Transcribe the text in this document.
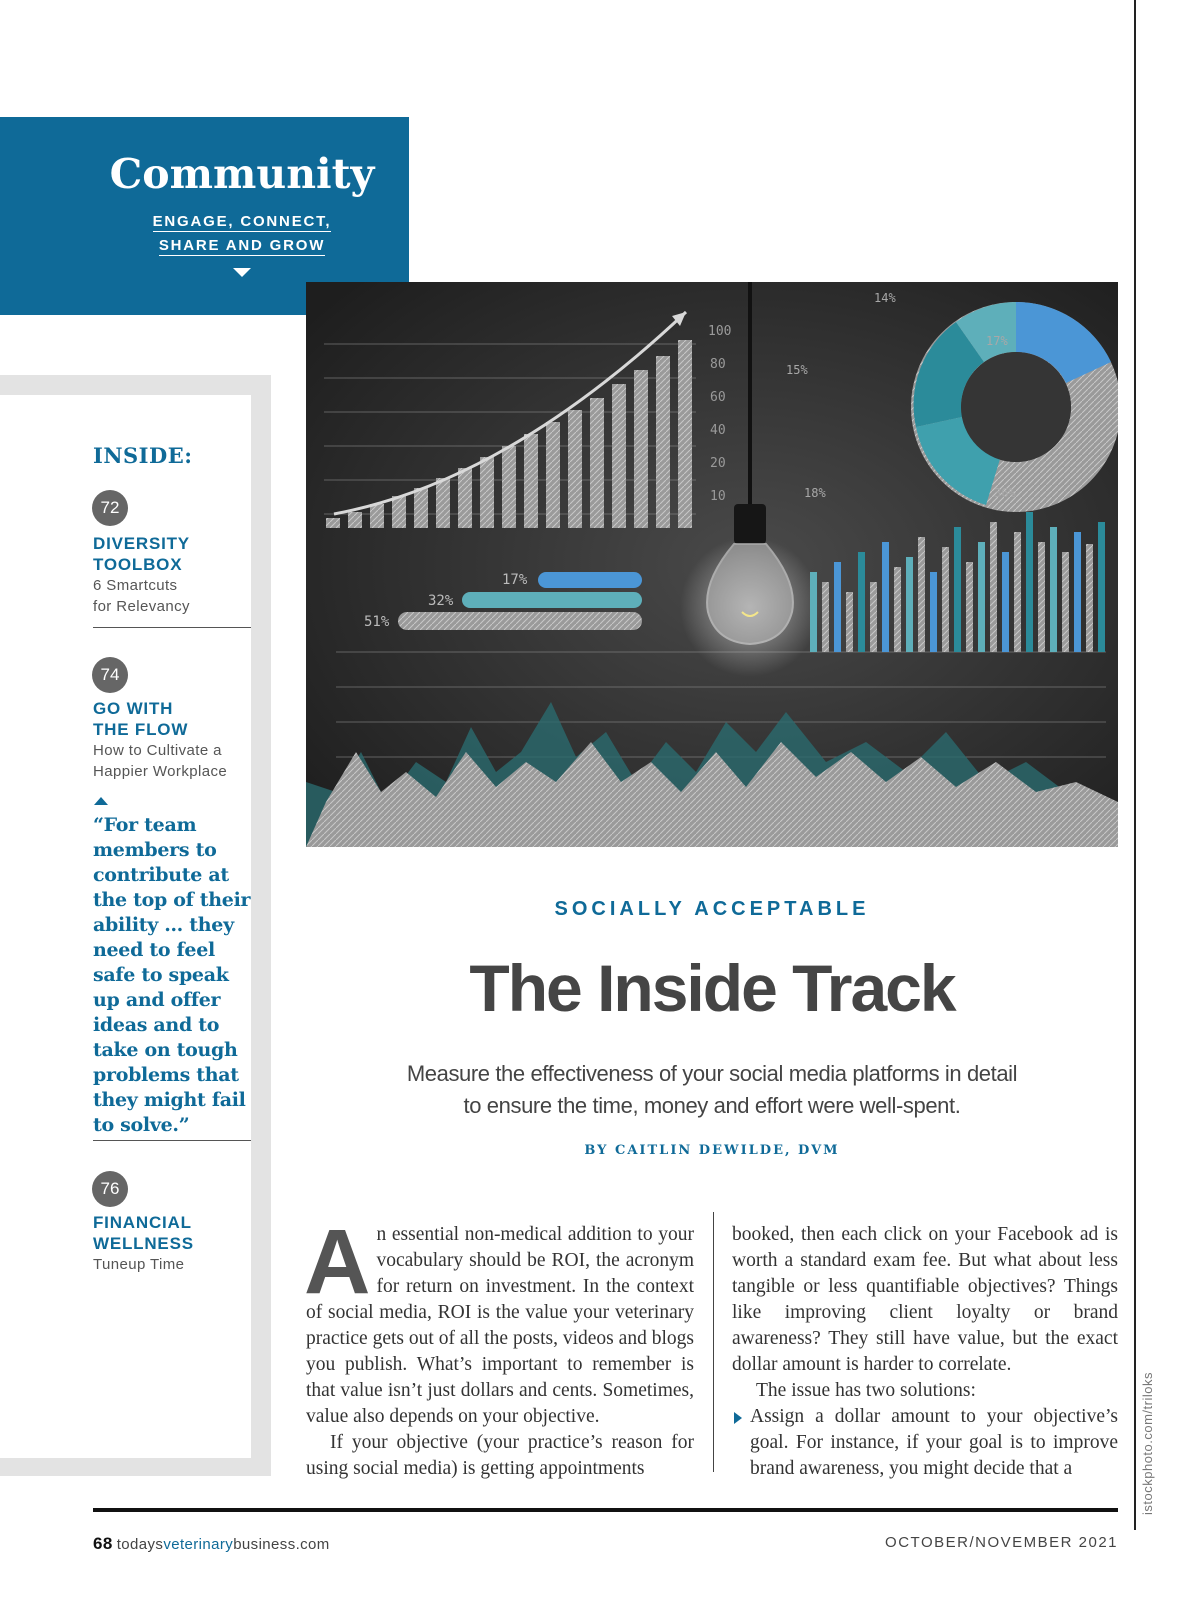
Community
ENGAGE, CONNECT,
SHARE AND GROW
INSIDE:
72
DIVERSITY
TOOLBOX
6 Smartcuts
for Relevancy
74
GO WITH
THE FLOW
How to Cultivate a
Happier Workplace
“For team members to contribute at the top of their ability … they need to feel safe to speak up and offer ideas and to take on tough problems that they might fail to solve.”
76
FINANCIAL
WELLNESS
Tuneup Time
100
80
60
40
20
10
14%
17%
15%
18%	36%
17%
32%
51%
SOCIALLY ACCEPTABLE
The Inside Track
Measure the effectiveness of your social media platforms in detail
to ensure the time, money and effort were well-spent.
BY CAITLIN DEWILDE, DVM

An essential non-medical addition to your vocabulary should be ROI, the acronym for return on investment. In the context of social media, ROI is the value your veterinary practice gets out of all the posts, videos and blogs you publish. What’s important to remember is that value isn’t just dollars and cents. Sometimes, value also depends on your objective.

If your objective (your practice’s reason for using social media) is getting appointments

booked, then each click on your Facebook ad is worth a standard exam fee. But what about less tangible or less quantifiable objectives? Things like improving client loyalty or brand awareness? They still have value, but the exact dollar amount is harder to correlate.

The issue has two solutions:

Assign a dollar amount to your objective’s goal. For instance, if your goal is to improve brand awareness, you might decide that a

68 todaysveterinarybusiness.com	OCTOBER/NOVEMBER 2021
istockphoto.com/triloks
